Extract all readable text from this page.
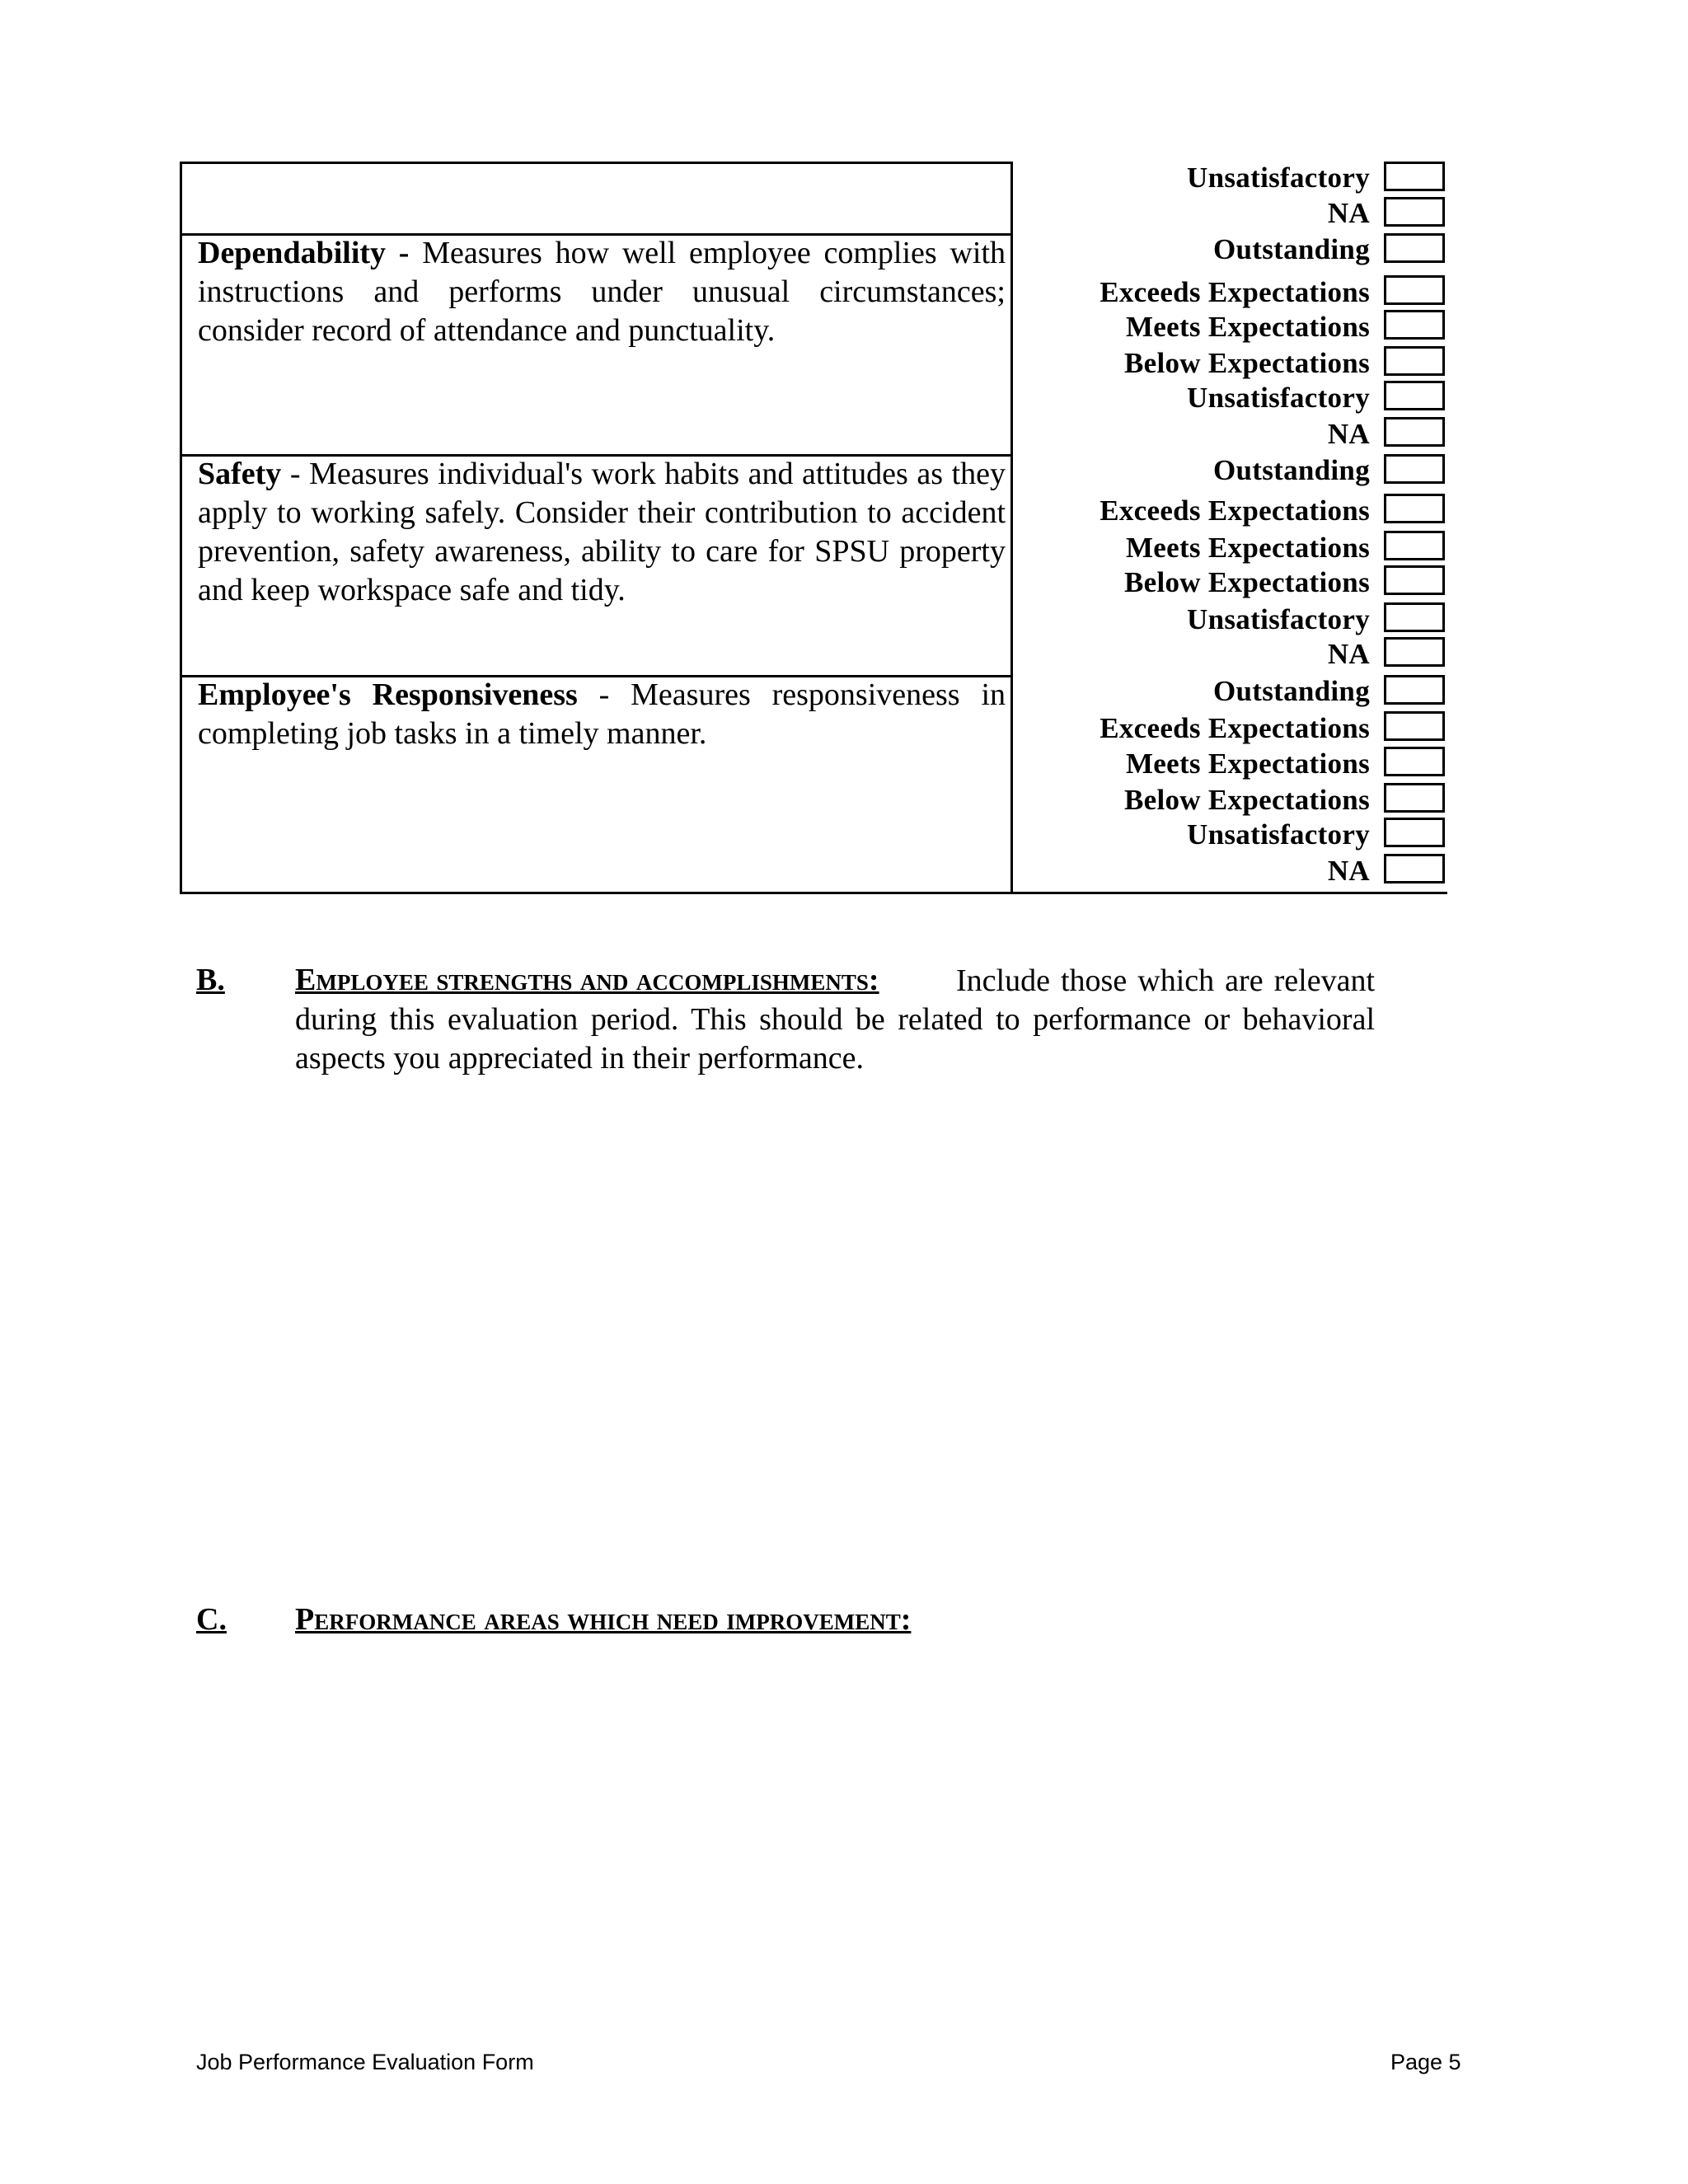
Unsatisfactory
NA
Dependability - Measures how well employee complies with instructions and performs under unusual circumstances; consider record of attendance and punctuality.
Outstanding
Exceeds Expectations
Meets Expectations
Below Expectations
Unsatisfactory
NA
Safety - Measures individual's work habits and attitudes as they apply to working safely. Consider their contribution to accident prevention, safety awareness, ability to care for SPSU property and keep workspace safe and tidy.
Outstanding
Exceeds Expectations
Meets Expectations
Below Expectations
Unsatisfactory
NA
Employee's Responsiveness - Measures responsiveness in completing job tasks in a timely manner.
Outstanding
Exceeds Expectations
Meets Expectations
Below Expectations
Unsatisfactory
NA
B. Employee strengths and accomplishments:	Include those which are relevant during this evaluation period. This should be related to performance or behavioral aspects you appreciated in their performance.
C. Performance areas which need improvement:
Job Performance Evaluation Form	Page 5
